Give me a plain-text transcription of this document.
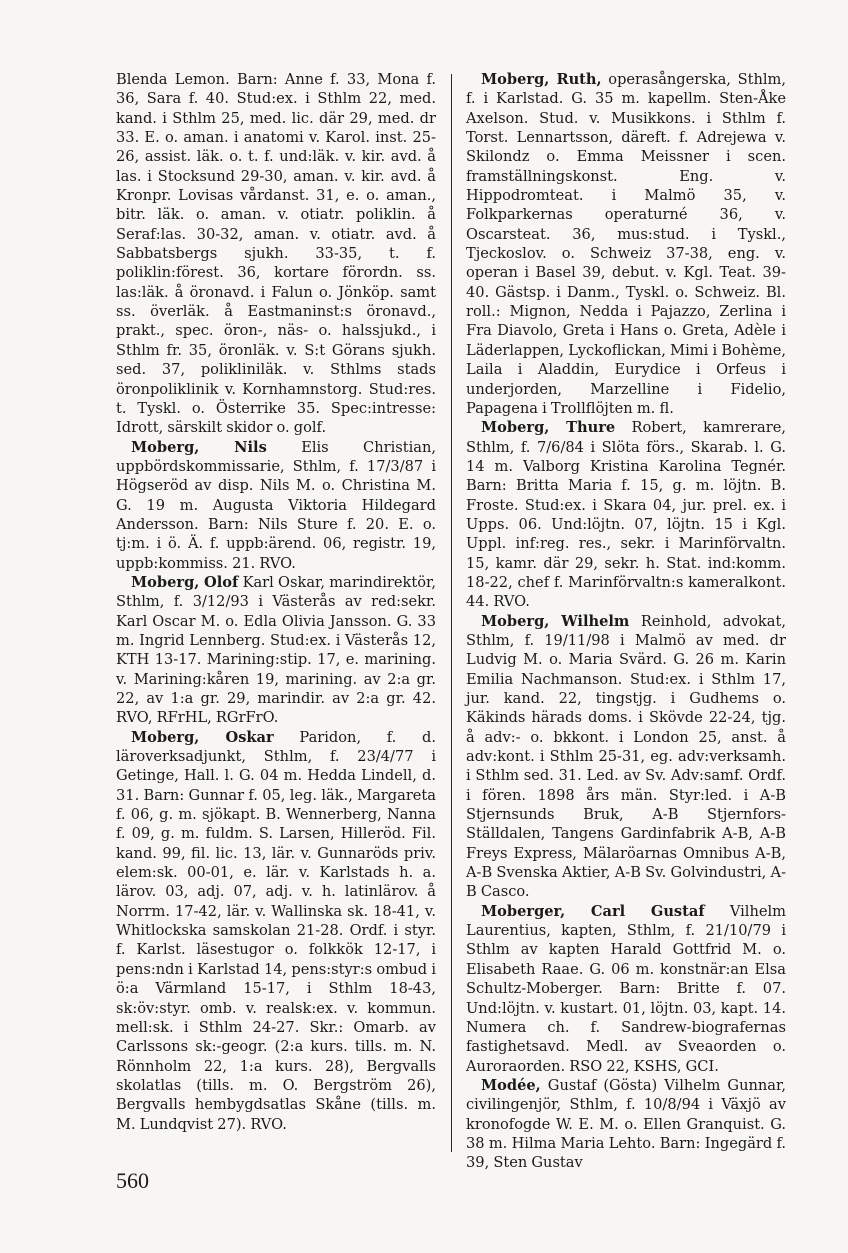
Blenda Lemon. Barn: Anne f. 33, Mona f. 36, Sara f. 40. Stud:ex. i Sthlm 22, med. kand. i Sthlm 25, med. lic. där 29, med. dr 33. E. o. aman. i anatomi v. Karol. inst. 25-26, assist. läk. o. t. f. und:läk. v. kir. avd. å las. i Stocksund 29-30, aman. v. kir. avd. å Kronpr. Lovisas vårdanst. 31, e. o. aman., bitr. läk. o. aman. v. otiatr. poliklin. å Seraf:las. 30-32, aman. v. otiatr. avd. å Sabbatsbergs sjukh. 33-35, t. f. poliklin:förest. 36, kortare förordn. ss. las:läk. å öronavd. i Falun o. Jönköp. samt ss. överläk. å Eastmaninst:s öronavd., prakt., spec. öron-, näs- o. halssjukd., i Sthlm fr. 35, öronläk. v. S:t Görans sjukh. sed. 37, polikliniläk. v. Sthlms stads öronpoliklinik v. Kornhamnstorg. Stud:res. t. Tyskl. o. Österrike 35. Spec:intresse: Idrott, särskilt skidor o. golf.

Moberg, Nils Elis Christian, uppbördskommissarie, Sthlm, f. 17/3/87 i Högseröd av disp. Nils M. o. Christina M. G. 19 m. Augusta Viktoria Hildegard Andersson. Barn: Nils Sture f. 20. E. o. tj:m. i ö. Ä. f. uppb:ärend. 06, registr. 19, uppb:kommiss. 21. RVO.

Moberg, Olof Karl Oskar, marindirektör, Sthlm, f. 3/12/93 i Västerås av red:sekr. Karl Oscar M. o. Edla Olivia Jansson. G. 33 m. Ingrid Lennberg. Stud:ex. i Västerås 12, KTH 13-17. Marining:stip. 17, e. marining. v. Marining:kåren 19, marining. av 2:a gr. 22, av 1:a gr. 29, marindir. av 2:a gr. 42. RVO, RFrHL, RGrFrO.

Moberg, Oskar Paridon, f. d. läroverksadjunkt, Sthlm, f. 23/4/77 i Getinge, Hall. l. G. 04 m. Hedda Lindell, d. 31. Barn: Gunnar f. 05, leg. läk., Margareta f. 06, g. m. sjökapt. B. Wennerberg, Nanna f. 09, g. m. fuldm. S. Larsen, Hilleröd. Fil. kand. 99, fil. lic. 13, lär. v. Gunnaröds priv. elem:sk. 00-01, e. lär. v. Karlstads h. a. lärov. 03, adj. 07, adj. v. h. latinlärov. å Norrm. 17-42, lär. v. Wallinska sk. 18-41, v. Whitlockska samskolan 21-28. Ordf. i styr. f. Karlst. läsestugor o. folkkök 12-17, i pens:ndn i Karlstad 14, pens:styr:s ombud i ö:a Värmland 15-17, i Sthlm 18-43, sk:öv:styr. omb. v. realsk:ex. v. kommun. mell:sk. i Sthlm 24-27. Skr.: Omarb. av Carlssons sk:-geogr. (2:a kurs. tills. m. N. Rönnholm 22, 1:a kurs. 28), Bergvalls skolatlas (tills. m. O. Bergström 26), Bergvalls hembygdsatlas Skåne (tills. m. M. Lundqvist 27). RVO.

Moberg, Ruth, operasångerska, Sthlm, f. i Karlstad. G. 35 m. kapellm. Sten-Åke Axelson. Stud. v. Musikkons. i Sthlm f. Torst. Lennartsson, däreft. f. Adrejewa v. Skilondz o. Emma Meissner i scen. framställningskonst. Eng. v. Hippodromteat. i Malmö 35, v. Folkparkernas operaturné 36, v. Oscarsteat. 36, mus:stud. i Tyskl., Tjeckoslov. o. Schweiz 37-38, eng. v. operan i Basel 39, debut. v. Kgl. Teat. 39-40. Gästsp. i Danm., Tyskl. o. Schweiz. Bl. roll.: Mignon, Nedda i Pajazzo, Zerlina i Fra Diavolo, Greta i Hans o. Greta, Adèle i Läderlappen, Lyckoflickan, Mimi i Bohème, Laila i Aladdin, Eurydice i Orfeus i underjorden, Marzelline i Fidelio, Papagena i Trollflöjten m. fl.

Moberg, Thure Robert, kamrerare, Sthlm, f. 7/6/84 i Slöta förs., Skarab. l. G. 14 m. Valborg Kristina Karolina Tegnér. Barn: Britta Maria f. 15, g. m. löjtn. B. Froste. Stud:ex. i Skara 04, jur. prel. ex. i Upps. 06. Und:löjtn. 07, löjtn. 15 i Kgl. Uppl. inf:reg. res., sekr. i Marinförvaltn. 15, kamr. där 29, sekr. h. Stat. ind:komm. 18-22, chef f. Marinförvaltn:s kameralkont. 44. RVO.

Moberg, Wilhelm Reinhold, advokat, Sthlm, f. 19/11/98 i Malmö av med. dr Ludvig M. o. Maria Svärd. G. 26 m. Karin Emilia Nachmanson. Stud:ex. i Sthlm 17, jur. kand. 22, tingstjg. i Gudhems o. Käkinds härads doms. i Skövde 22-24, tjg. å adv:- o. bkkont. i London 25, anst. å adv:kont. i Sthlm 25-31, eg. adv:verksamh. i Sthlm sed. 31. Led. av Sv. Adv:samf. Ordf. i fören. 1898 års män. Styr:led. i A-B Stjernsunds Bruk, A-B Stjernfors-Ställdalen, Tangens Gardinfabrik A-B, A-B Freys Express, Mälaröarnas Omnibus A-B, A-B Svenska Aktier, A-B Sv. Golvindustri, A-B Casco.

Moberger, Carl Gustaf Vilhelm Laurentius, kapten, Sthlm, f. 21/10/79 i Sthlm av kapten Harald Gottfrid M. o. Elisabeth Raae. G. 06 m. konstnär:an Elsa Schultz-Moberger. Barn: Britte f. 07. Und:löjtn. v. kustart. 01, löjtn. 03, kapt. 14. Numera ch. f. Sandrew-biografernas fastighetsavd. Medl. av Sveaorden o. Auroraorden. RSO 22, KSHS, GCI.

Modée, Gustaf (Gösta) Vilhelm Gunnar, civilingenjör, Sthlm, f. 10/8/94 i Växjö av kronofogde W. E. M. o. Ellen Granquist. G. 38 m. Hilma Maria Lehto. Barn: Ingegärd f. 39, Sten Gustav

560
